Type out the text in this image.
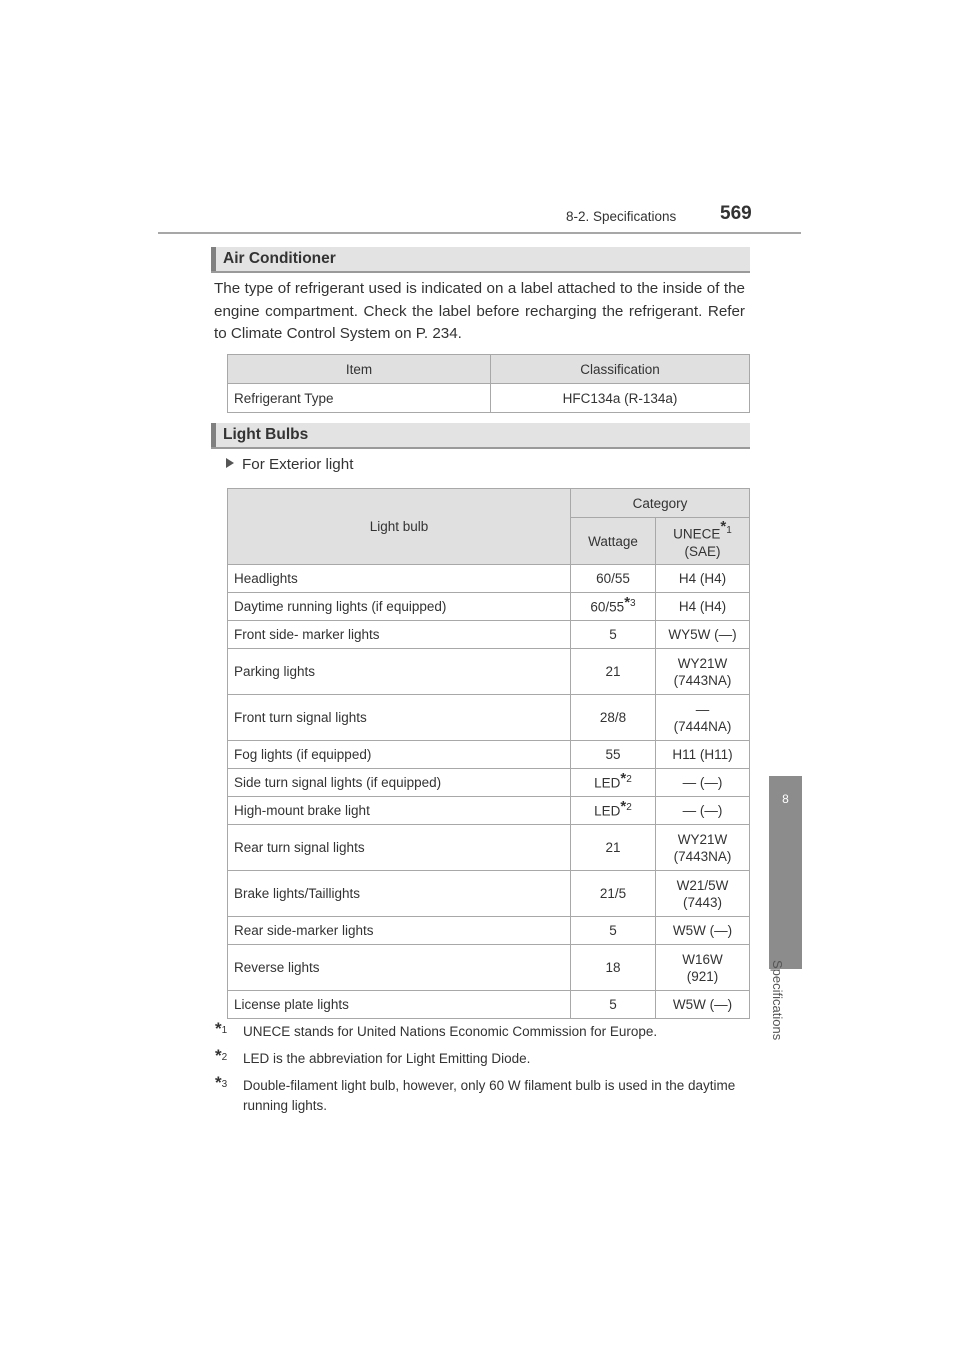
8-2. Specifications 569
8
Specifications
Air Conditioner
The type of refrigerant used is indicated on a label attached to the inside of the engine compartment. Check the label before recharging the refrigerant. Refer to Climate Control System on P. 234.
Item	Classification
Refrigerant Type	HFC134a (R-134a)
Light Bulbs
For Exterior light
Light bulb	Category	
	Wattage	UNECE*$^1$
(SAE)
Headlights	60/55	H4 (H4)

Daytime running lights (if equipped)	60/55*$^3$	H4 (H4)

Front side- marker lights	5	WY5W (—)

Parking lights	21	WY21W
(7443NA)

Front turn signal lights	28/8	—
(7444NA)

Fog lights (if equipped)	55	H11 (H11)

Side turn signal lights (if equipped)	LED*$^2$	— (—)

High-mount brake light	LED*$^2$	— (—)

Rear turn signal lights	21	WY21W
(7443NA)

Brake lights/Taillights	21/5	W21/5W
(7443)

Rear side-marker lights	5	W5W (—)

Reverse lights	18	W16W
(921)

License plate lights	5	W5W (—)
*$^1$ UNECE stands for United Nations Economic Commission for Europe.
*$^2$ LED is the abbreviation for Light Emitting Diode.
*$^3$ Double-filament light bulb, however, only 60 W filament bulb is used in the daytime running lights.
